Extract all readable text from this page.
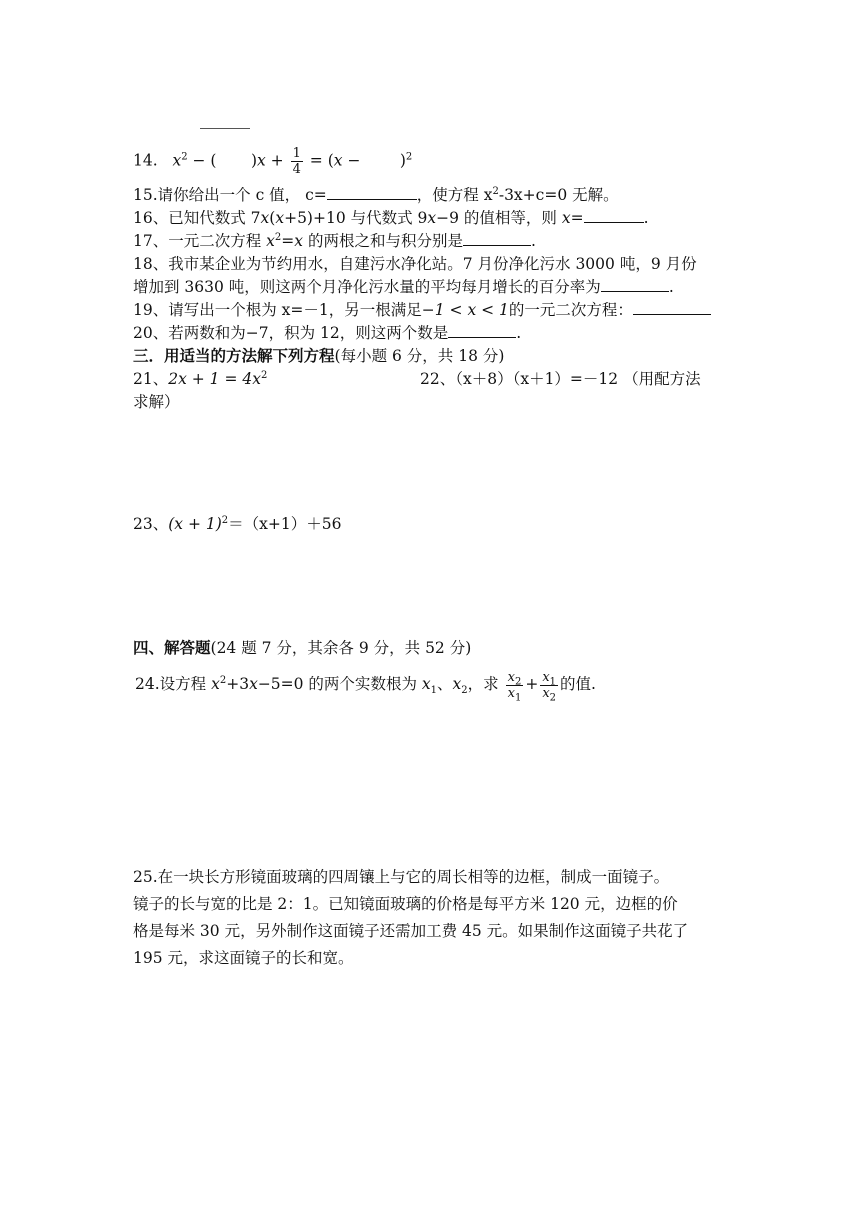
14. $x^2$ − (       )$x + \frac{1}{4} = (x$ −        )$^2$
15.请你给出一个 c 值， c=	，使方程 $x^2-3x+c=0$ 无解。
16、已知代数式 7x(x+5)+10 与代数式 9x−9 的值相等，则 x=	.
17、一元二次方程 $x^2=x$ 的两根之和与积分别是	.
18、我市某企业为节约用水，自建污水净化站。7 月份净化污水 3000 吨，9 月份
增加到 3630 吨，则这两个月净化污水量的平均每月增长的百分率为	.
19、请写出一个根为 x=－1，另一根满足−1 < x < 1的一元二次方程：
20、若两数和为−7，积为 12，则这两个数是	.
三．用适当的方法解下列方程(每小题 6 分，共 18 分)
21、$2x + 1 = 4x^2$	22、（x＋8）（x＋1）=－12 （用配方法
求解）
23、$(x + 1)^2=(x+1)+56$
四、解答题(24 题 7 分，其余各 9 分，共 52 分)
24.设方程 $x^2+3x-5=0$ 的两个实数根为 $x_1$、$x_2$，求 $\frac{x_2}{x_1} + \frac{x_1}{x_2}$ 的值.
25.在一块长方形镜面玻璃的四周镶上与它的周长相等的边框，制成一面镜子。
镜子的长与宽的比是 2：1。已知镜面玻璃的价格是每平方米 120 元，边框的价
格是每米 30 元，另外制作这面镜子还需加工费 45 元。如果制作这面镜子共花了
195 元，求这面镜子的长和宽。
